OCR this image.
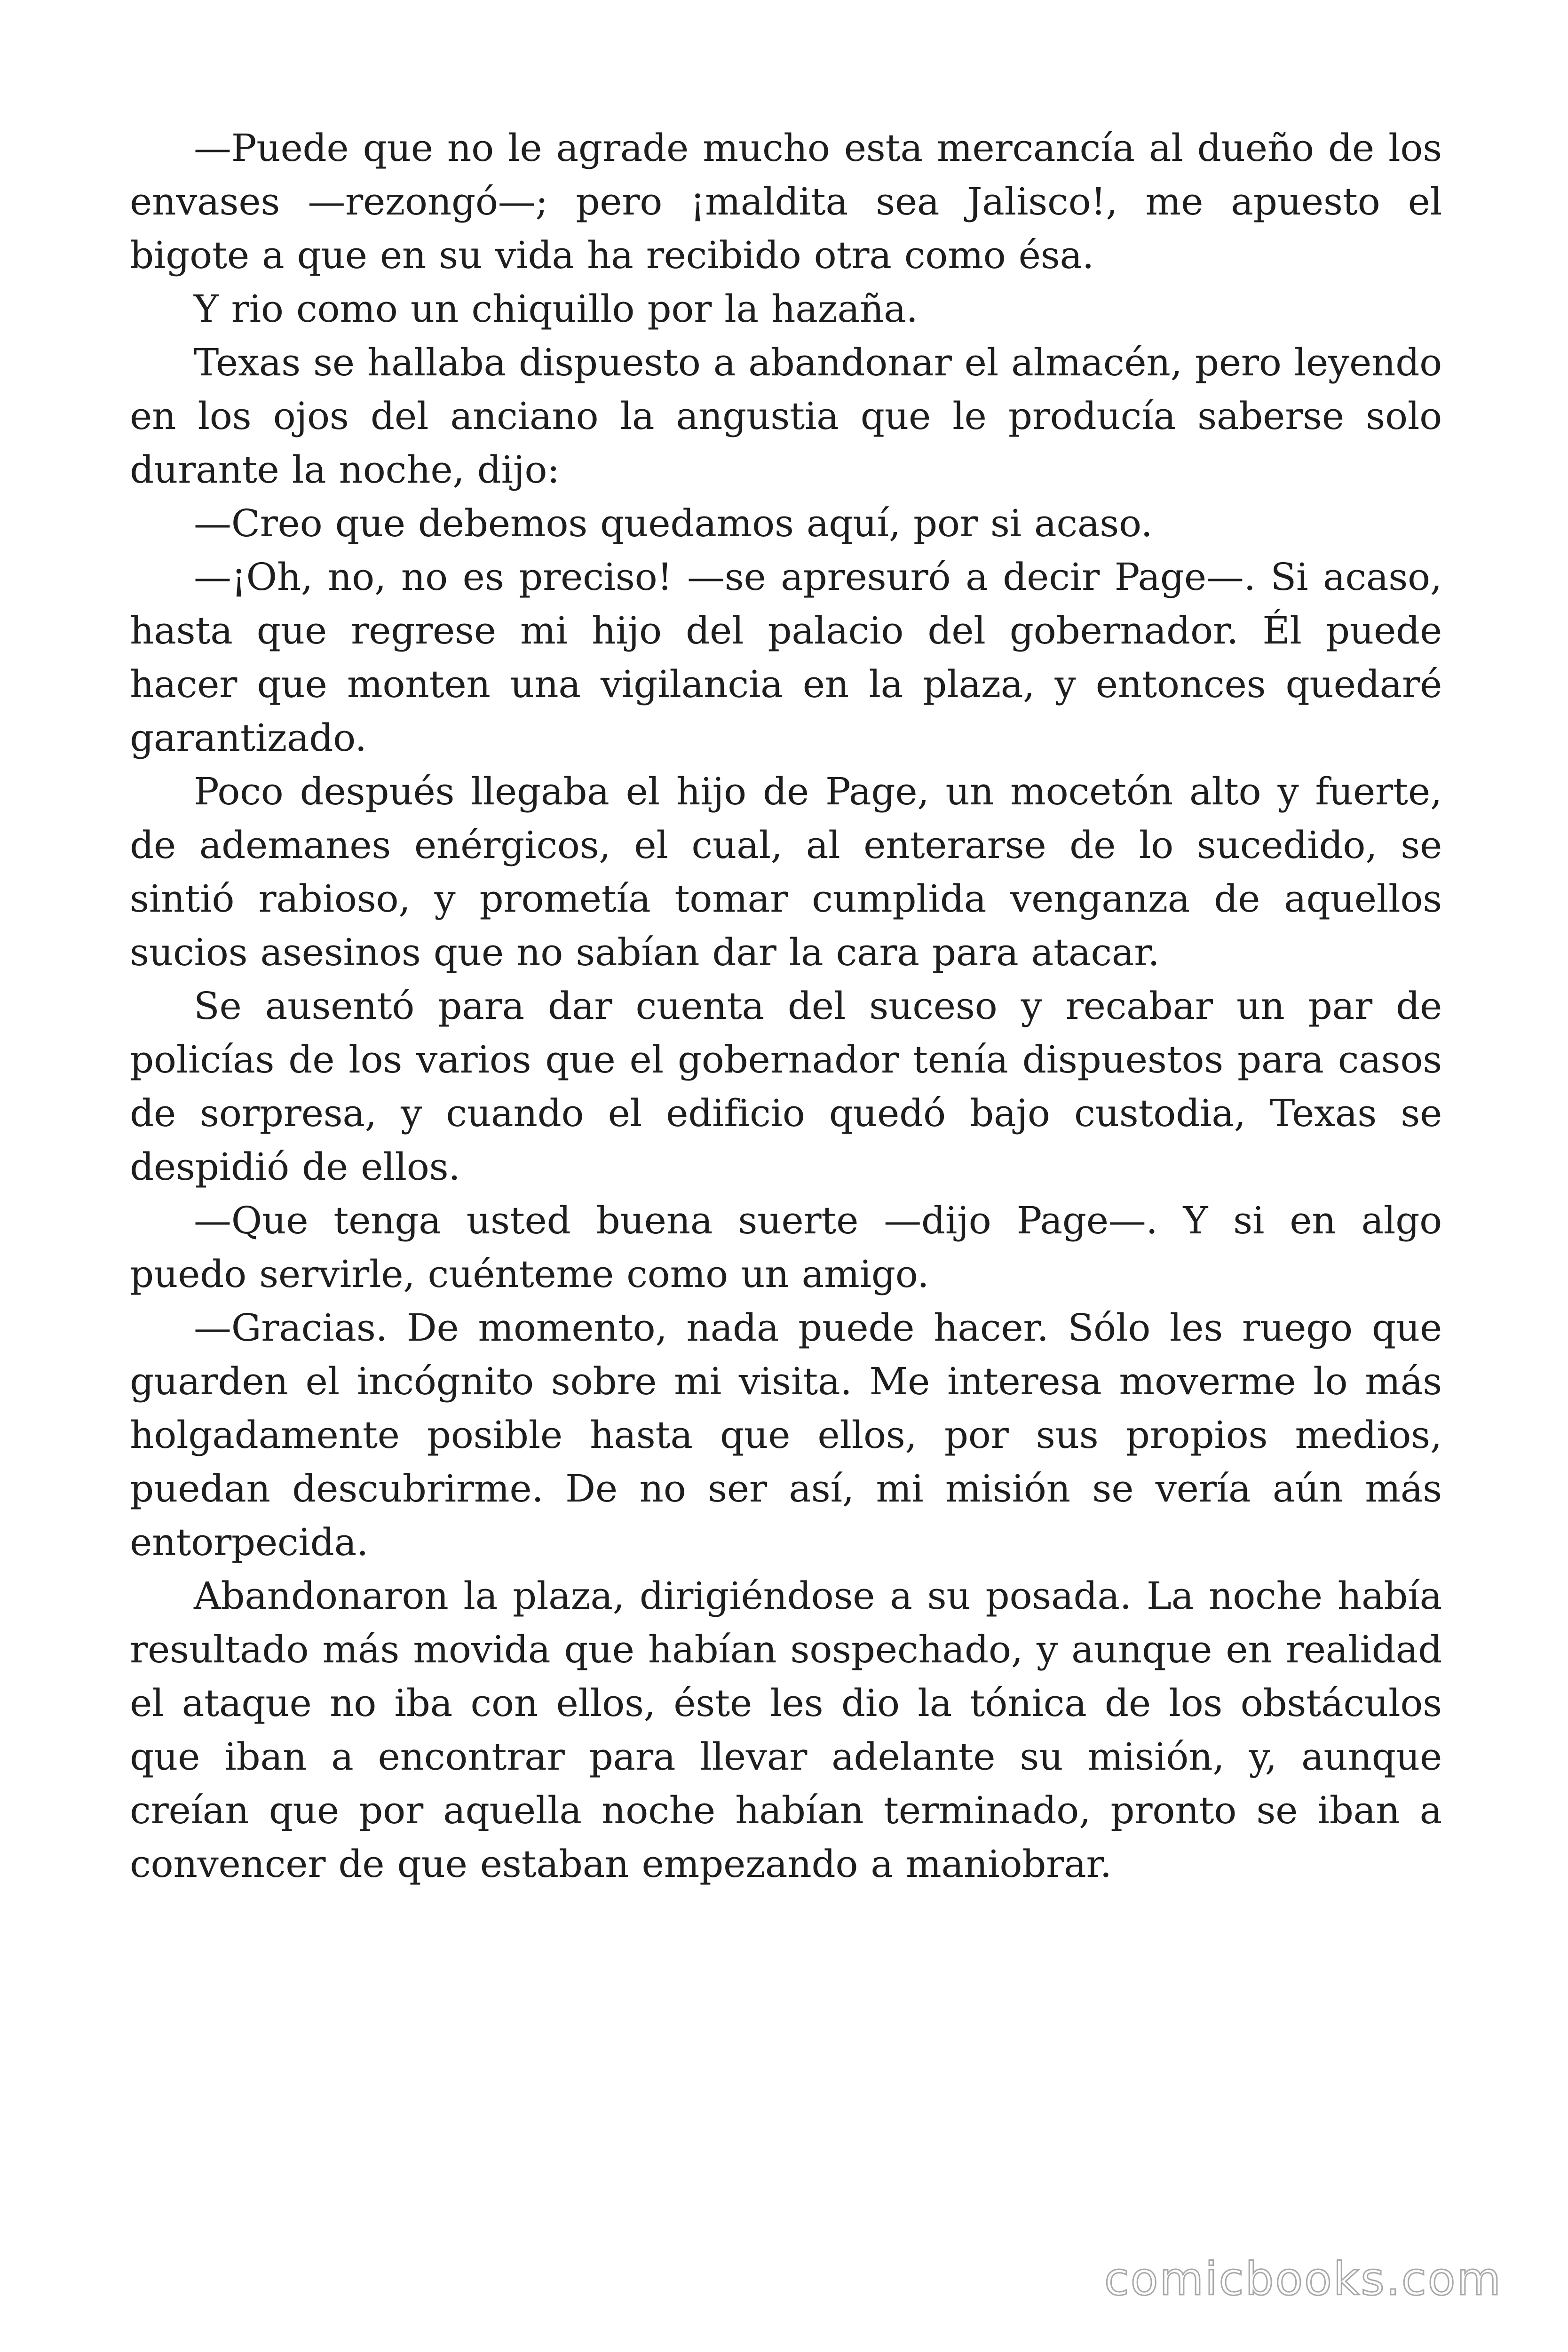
—Puede que no le agrade mucho esta mercancía al dueño de los envases —rezongó—; pero ¡maldita sea Jalisco!, me apuesto el bigote a que en su vida ha recibido otra como ésa.

Y rio como un chiquillo por la hazaña.

Texas se hallaba dispuesto a abandonar el almacén, pero leyendo en los ojos del anciano la angustia que le producía saberse solo durante la noche, dijo:

—Creo que debemos quedamos aquí, por si acaso.

—¡Oh, no, no es preciso! —se apresuró a decir Page—. Si acaso, hasta que regrese mi hijo del palacio del gobernador. Él puede hacer que monten una vigilancia en la plaza, y entonces quedaré garantizado.

Poco después llegaba el hijo de Page, un mocetón alto y fuerte, de ademanes enérgicos, el cual, al enterarse de lo sucedido, se sintió rabioso, y prometía tomar cumplida venganza de aquellos sucios asesinos que no sabían dar la cara para atacar.

Se ausentó para dar cuenta del suceso y recabar un par de policías de los varios que el gobernador tenía dispuestos para casos de sorpresa, y cuando el edificio quedó bajo custodia, Texas se despidió de ellos.

—Que tenga usted buena suerte —dijo Page—. Y si en algo puedo servirle, cuénteme como un amigo.

—Gracias. De momento, nada puede hacer. Sólo les ruego que guarden el incógnito sobre mi visita. Me interesa moverme lo más holgadamente posible hasta que ellos, por sus propios medios, puedan descubrirme. De no ser así, mi misión se vería aún más entorpecida.

Abandonaron la plaza, dirigiéndose a su posada. La noche había resultado más movida que habían sospechado, y aunque en realidad el ataque no iba con ellos, éste les dio la tónica de los obstáculos que iban a encontrar para llevar adelante su misión, y, aunque creían que por aquella noche habían terminado, pronto se iban a convencer de que estaban empezando a maniobrar.

comicbooks.com
